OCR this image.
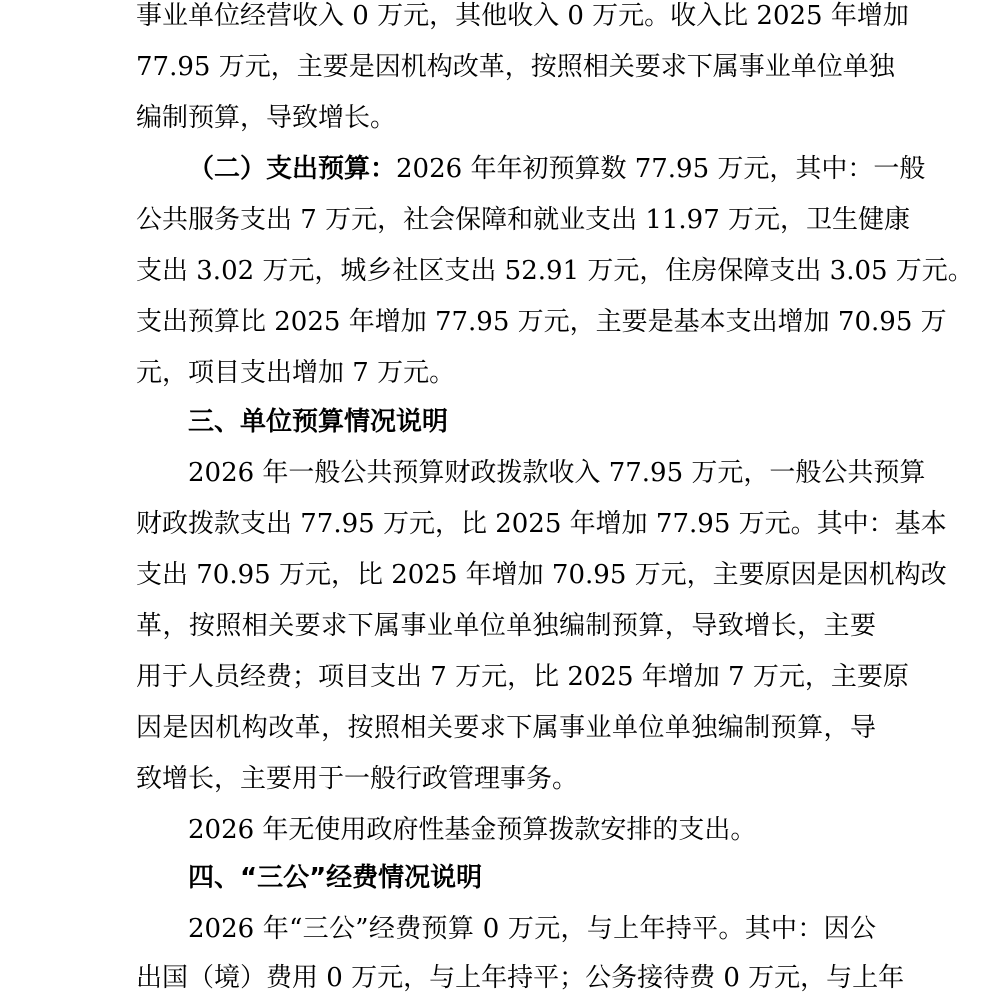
事业单位经营收入 0 万元，其他收入 0 万元。收入比 2025 年增加
77.95 万元，主要是因机构改革，按照相关要求下属事业单位单独
编制预算，导致增长。
（二）支出预算：2026 年年初预算数 77.95 万元，其中：一般
公共服务支出 7 万元，社会保障和就业支出 11.97 万元，卫生健康
支出 3.02 万元，城乡社区支出 52.91 万元，住房保障支出 3.05 万元。
支出预算比 2025 年增加 77.95 万元，主要是基本支出增加 70.95 万
元，项目支出增加 7 万元。
三、单位预算情况说明
2026 年一般公共预算财政拨款收入 77.95 万元，一般公共预算
财政拨款支出 77.95 万元，比 2025 年增加 77.95 万元。其中：基本
支出 70.95 万元，比 2025 年增加 70.95 万元，主要原因是因机构改
革，按照相关要求下属事业单位单独编制预算，导致增长，主要
用于人员经费；项目支出 7 万元，比 2025 年增加 7 万元，主要原
因是因机构改革，按照相关要求下属事业单位单独编制预算，导
致增长，主要用于一般行政管理事务。
2026 年无使用政府性基金预算拨款安排的支出。
四、“三公”经费情况说明
2026 年“三公”经费预算 0 万元，与上年持平。其中：因公
出国（境）费用 0 万元，与上年持平；公务接待费 0 万元，与上年
